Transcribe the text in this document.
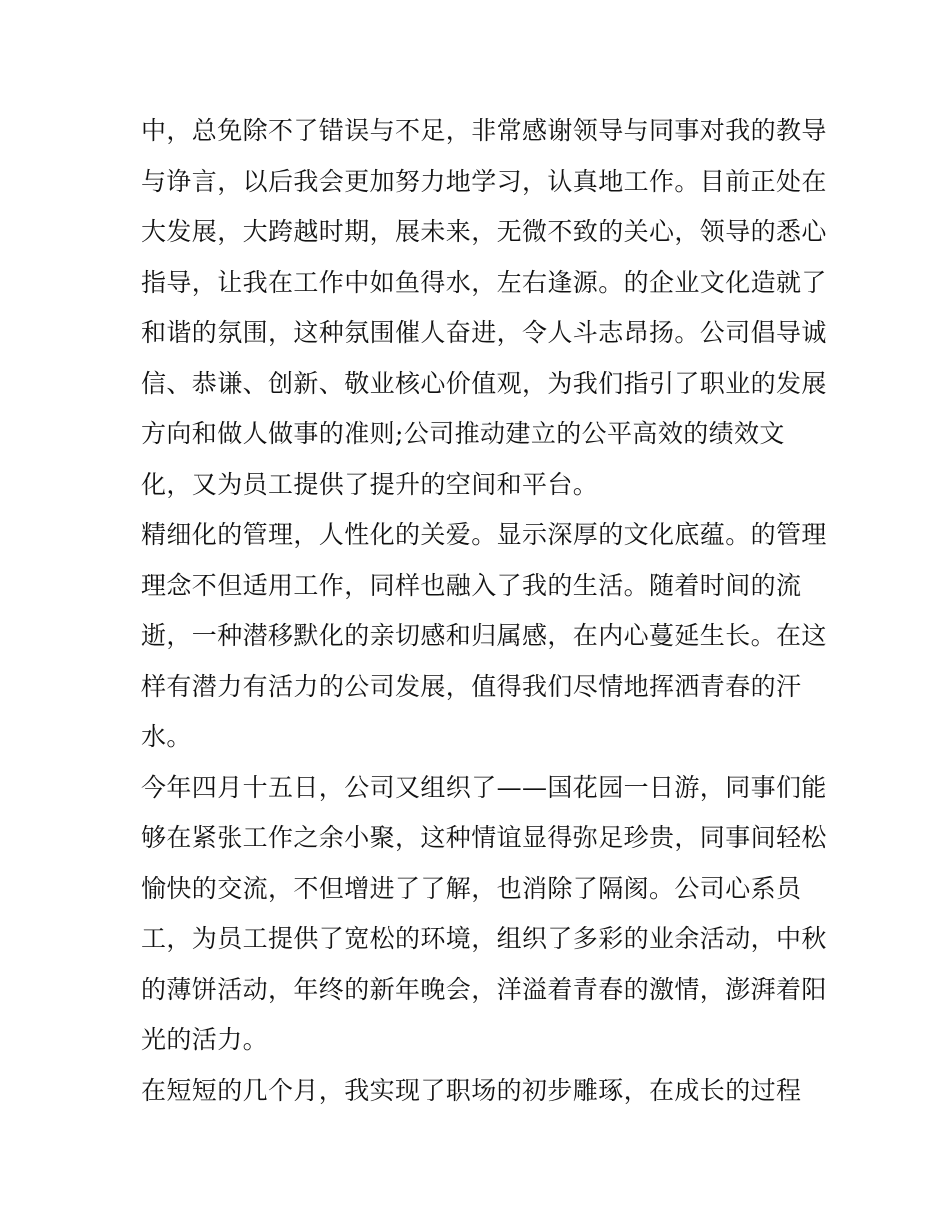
中，总免除不了错误与不足，非常感谢领导与同事对我的教导
与诤言，以后我会更加努力地学习，认真地工作。目前正处在
大发展，大跨越时期，展未来，无微不致的关心，领导的悉心
指导，让我在工作中如鱼得水，左右逢源。的企业文化造就了
和谐的氛围，这种氛围催人奋进，令人斗志昂扬。公司倡导诚
信、恭谦、创新、敬业核心价值观，为我们指引了职业的发展
方向和做人做事的准则;公司推动建立的公平高效的绩效文
化，又为员工提供了提升的空间和平台。
精细化的管理，人性化的关爱。显示深厚的文化底蕴。的管理
理念不但适用工作，同样也融入了我的生活。随着时间的流
逝，一种潜移默化的亲切感和归属感，在内心蔓延生长。在这
样有潜力有活力的公司发展，值得我们尽情地挥洒青春的汗
水。
今年四月十五日，公司又组织了——国花园一日游，同事们能
够在紧张工作之余小聚，这种情谊显得弥足珍贵，同事间轻松
愉快的交流，不但增进了了解，也消除了隔阂。公司心系员
工，为员工提供了宽松的环境，组织了多彩的业余活动，中秋
的薄饼活动，年终的新年晚会，洋溢着青春的激情，澎湃着阳
光的活力。
在短短的几个月，我实现了职场的初步雕琢，在成长的过程
